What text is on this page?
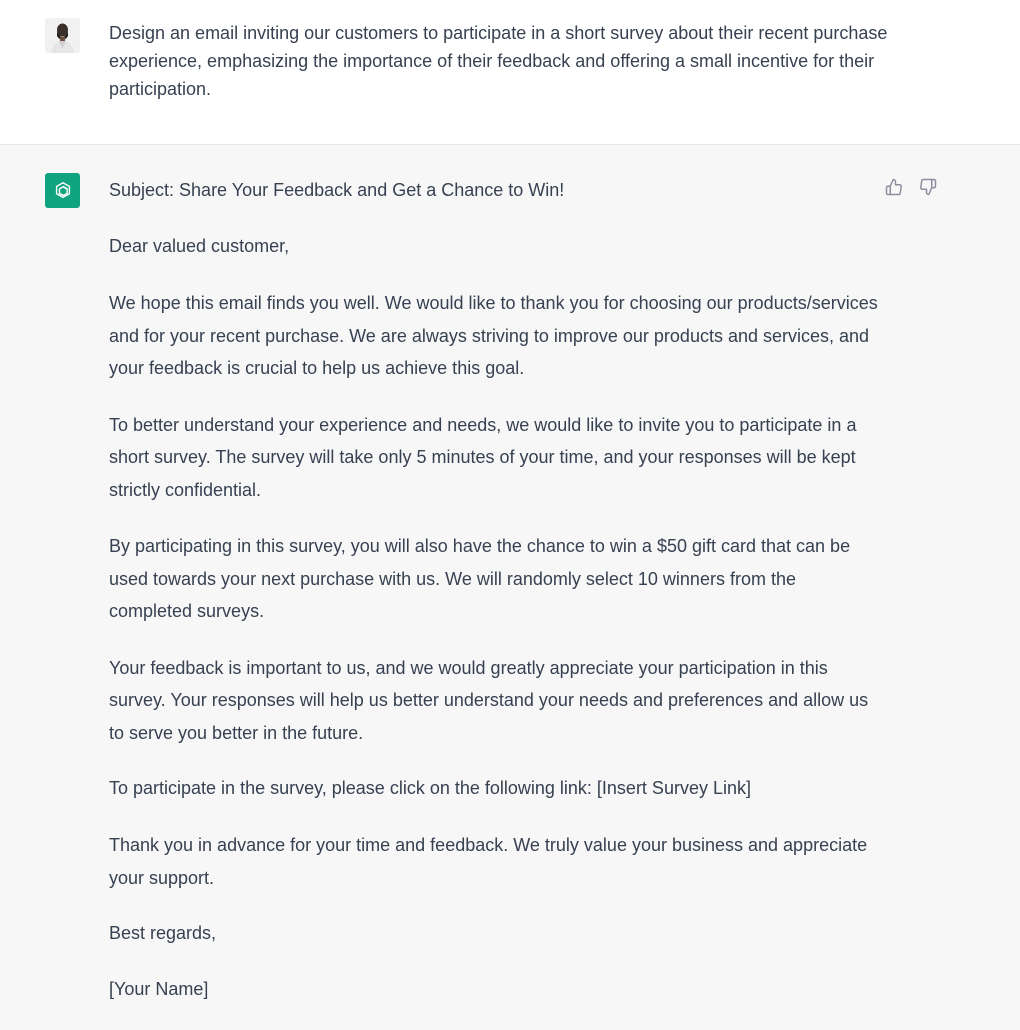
Design an email inviting our customers to participate in a short survey about their recent purchase experience, emphasizing the importance of their feedback and offering a small incentive for their participation.

Subject: Share Your Feedback and Get a Chance to Win!

Dear valued customer,

We hope this email finds you well. We would like to thank you for choosing our products/services and for your recent purchase. We are always striving to improve our products and services, and your feedback is crucial to help us achieve this goal.

To better understand your experience and needs, we would like to invite you to participate in a short survey. The survey will take only 5 minutes of your time, and your responses will be kept strictly confidential.

By participating in this survey, you will also have the chance to win a $50 gift card that can be used towards your next purchase with us. We will randomly select 10 winners from the completed surveys.

Your feedback is important to us, and we would greatly appreciate your participation in this survey. Your responses will help us better understand your needs and preferences and allow us to serve you better in the future.

To participate in the survey, please click on the following link: [Insert Survey Link]

Thank you in advance for your time and feedback. We truly value your business and appreciate your support.

Best regards,

[Your Name]
